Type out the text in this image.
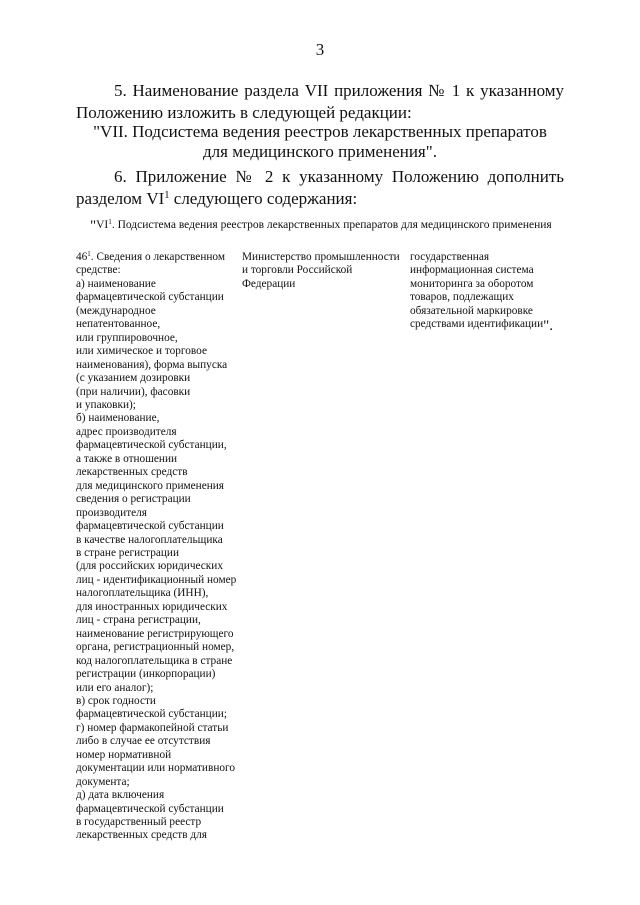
3
5. Наименование раздела VII приложения № 1 к указанному
Положению изложить в следующей редакции:
"VII. Подсистема ведения реестров лекарственных препаратов
для медицинского применения".
6. Приложение № 2 к указанному Положению дополнить
разделом $VI^1$ следующего содержания:
"$VI^1$. Подсистема ведения реестров лекарственных препаратов для медицинского применения
$46^1$. Сведения о лекарственном
средстве:
а) наименование
фармацевтической субстанции
(международное
непатентованное,
или группировочное,
или химическое и торговое
наименования), форма выпуска
(с указанием дозировки
(при наличии), фасовки
и упаковки);
б) наименование,
адрес производителя
фармацевтической субстанции,
а также в отношении
лекарственных средств
для медицинского применения
сведения о регистрации
производителя
фармацевтической субстанции
в качестве налогоплательщика
в стране регистрации
(для российских юридических
лиц - идентификационный номер
налогоплательщика (ИНН),
для иностранных юридических
лиц - страна регистрации,
наименование регистрирующего
органа, регистрационный номер,
код налогоплательщика в стране
регистрации (инкорпорации)
или его аналог);
в) срок годности
фармацевтической субстанции;
г) номер фармакопейной статьи
либо в случае ее отсутствия
номер нормативной
документации или нормативного
документа;
д) дата включения
фармацевтической субстанции
в государственный реестр
лекарственных средств для
Министерство промышленности
и торговли Российской
Федерации
государственная
информационная система
мониторинга за оборотом
товаров, подлежащих
обязательной маркировке
средствами идентификации".
